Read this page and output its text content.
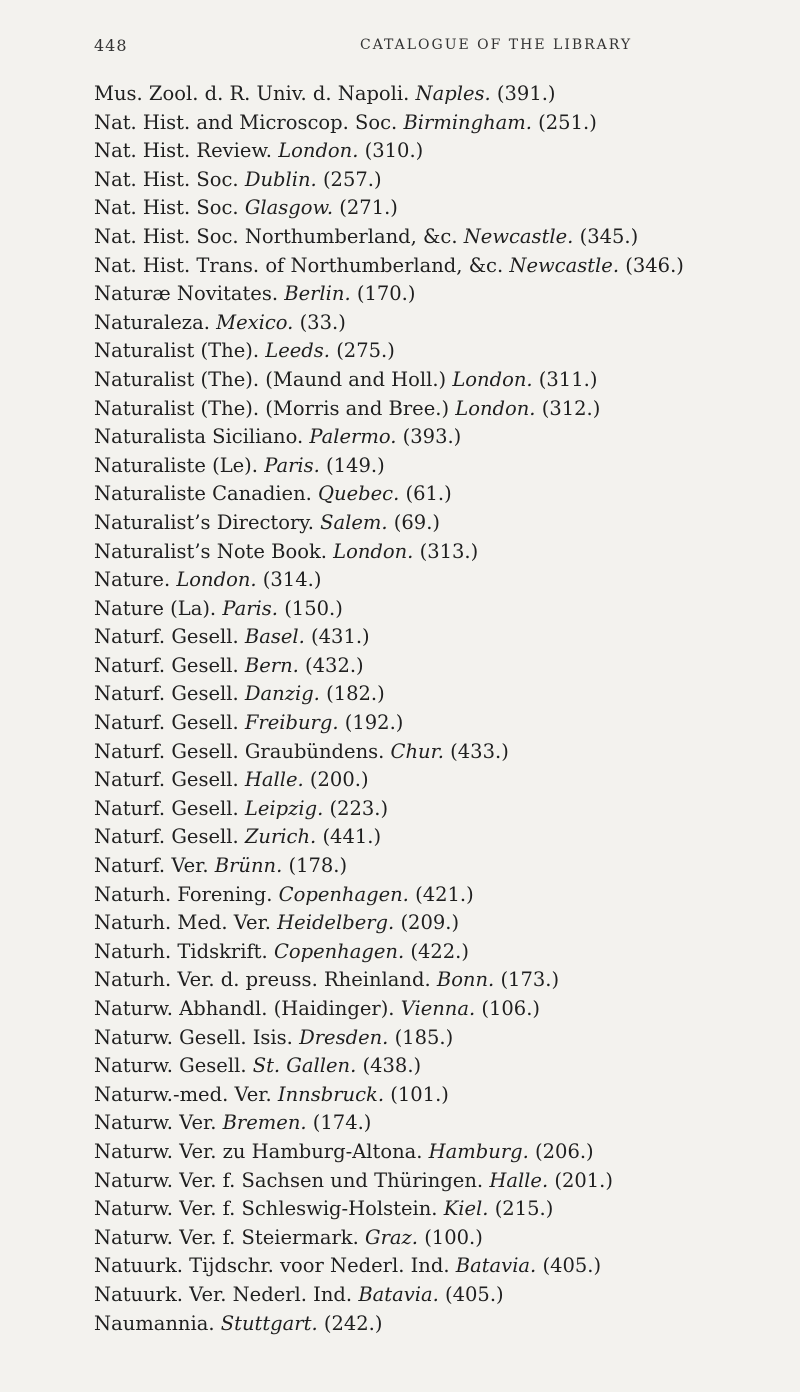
448	CATALOGUE OF THE LIBRARY
Mus. Zool. d. R. Univ. d. Napoli. Naples. (391.)
Nat. Hist. and Microscop. Soc. Birmingham. (251.)
Nat. Hist. Review. London. (310.)
Nat. Hist. Soc. Dublin. (257.)
Nat. Hist. Soc. Glasgow. (271.)
Nat. Hist. Soc. Northumberland, &c. Newcastle. (345.)
Nat. Hist. Trans. of Northumberland, &c. Newcastle. (346.)
Naturæ Novitates. Berlin. (170.)
Naturaleza. Mexico. (33.)
Naturalist (The). Leeds. (275.)
Naturalist (The). (Maund and Holl.) London. (311.)
Naturalist (The). (Morris and Bree.) London. (312.)
Naturalista Siciliano. Palermo. (393.)
Naturaliste (Le). Paris. (149.)
Naturaliste Canadien. Quebec. (61.)
Naturalist’s Directory. Salem. (69.)
Naturalist’s Note Book. London. (313.)
Nature. London. (314.)
Nature (La). Paris. (150.)
Naturf. Gesell. Basel. (431.)
Naturf. Gesell. Bern. (432.)
Naturf. Gesell. Danzig. (182.)
Naturf. Gesell. Freiburg. (192.)
Naturf. Gesell. Graubündens. Chur. (433.)
Naturf. Gesell. Halle. (200.)
Naturf. Gesell. Leipzig. (223.)
Naturf. Gesell. Zurich. (441.)
Naturf. Ver. Brünn. (178.)
Naturh. Forening. Copenhagen. (421.)
Naturh. Med. Ver. Heidelberg. (209.)
Naturh. Tidskrift. Copenhagen. (422.)
Naturh. Ver. d. preuss. Rheinland. Bonn. (173.)
Naturw. Abhandl. (Haidinger). Vienna. (106.)
Naturw. Gesell. Isis. Dresden. (185.)
Naturw. Gesell. St. Gallen. (438.)
Naturw.-med. Ver. Innsbruck. (101.)
Naturw. Ver. Bremen. (174.)
Naturw. Ver. zu Hamburg-Altona. Hamburg. (206.)
Naturw. Ver. f. Sachsen und Thüringen. Halle. (201.)
Naturw. Ver. f. Schleswig-Holstein. Kiel. (215.)
Naturw. Ver. f. Steiermark. Graz. (100.)
Natuurk. Tijdschr. voor Nederl. Ind. Batavia. (405.)
Natuurk. Ver. Nederl. Ind. Batavia. (405.)
Naumannia. Stuttgart. (242.)
